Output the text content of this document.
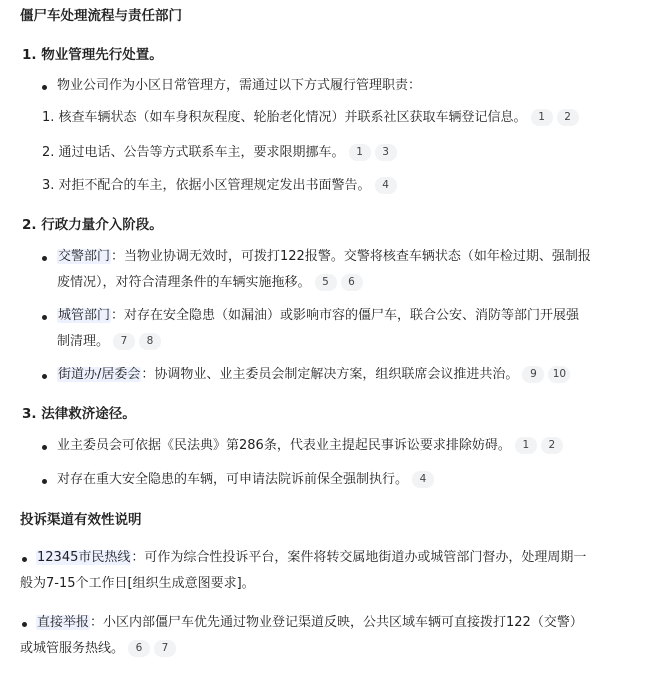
僵尸车处理流程与责任部门
1. 物业管理先行处置。
物业公司作为小区日常管理方，需通过以下方式履行管理职责：
1. 核查车辆状态（如车身积灰程度、轮胎老化情况）并联系社区获取车辆登记信息。 1 2
2. 通过电话、公告等方式联系车主，要求限期挪车。 1 3
3. 对拒不配合的车主，依据小区管理规定发出书面警告。 4
2. 行政力量介入阶段。
交警部门：当物业协调无效时，可拨打122报警。交警将核查车辆状态（如年检过期、强制报
废情况），对符合清理条件的车辆实施拖移。 5 6
城管部门：对存在安全隐患（如漏油）或影响市容的僵尸车，联合公安、消防等部门开展强
制清理。 7 8
街道办/居委会：协调物业、业主委员会制定解决方案，组织联席会议推进共治。 9 10
3. 法律救济途径。
业主委员会可依据《民法典》第286条，代表业主提起民事诉讼要求排除妨碍。 1 2
对存在重大安全隐患的车辆，可申请法院诉前保全强制执行。 4
投诉渠道有效性说明
12345市民热线：可作为综合性投诉平台，案件将转交属地街道办或城管部门督办，处理周期一
般为7-15个工作日[组织生成意图要求]。
直接举报：小区内部僵尸车优先通过物业登记渠道反映，公共区域车辆可直接拨打122（交警）
或城管服务热线。 6 7
